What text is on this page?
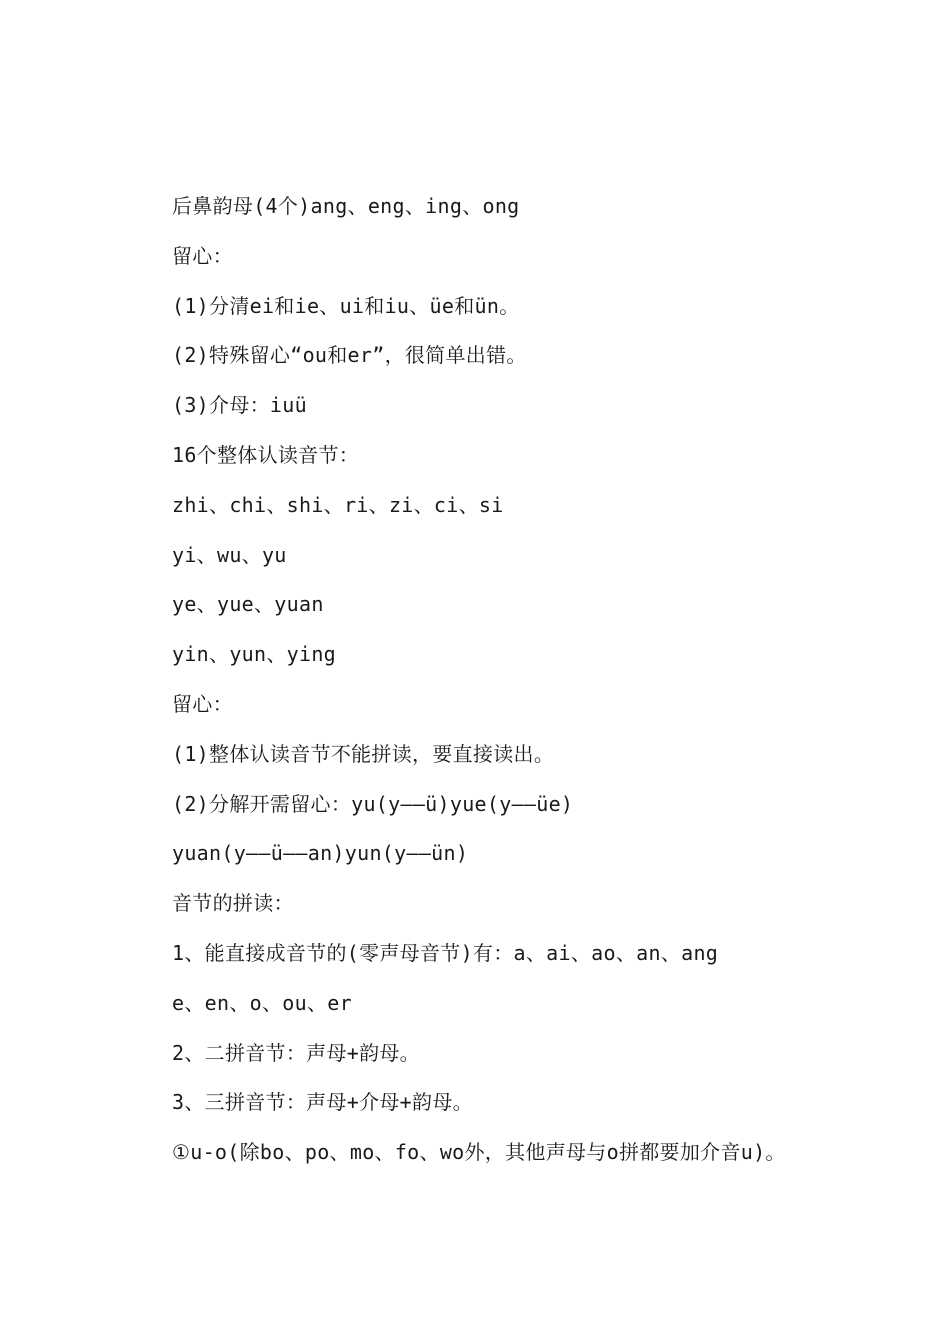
后鼻韵母(4个)ang、eng、ing、ong
留心：
(1)分清ei和ie、ui和iu、üe和ün。
(2)特殊留心“ou和er”，很简单出错。
(3)介母：iuü
16个整体认读音节：
zhi、chi、shi、ri、zi、ci、si
yi、wu、yu
ye、yue、yuan
yin、yun、ying
留心：
(1)整体认读音节不能拼读，要直接读出。
(2)分解开需留心：yu(y——ü)yue(y——üe)
yuan(y——ü——an)yun(y——ün)
音节的拼读：
1、能直接成音节的(零声母音节)有：a、ai、ao、an、ang
e、en、o、ou、er
2、二拼音节：声母+韵母。
3、三拼音节：声母+介母+韵母。
①u-o(除bo、po、mo、fo、wo外，其他声母与o拼都要加介音u)。
